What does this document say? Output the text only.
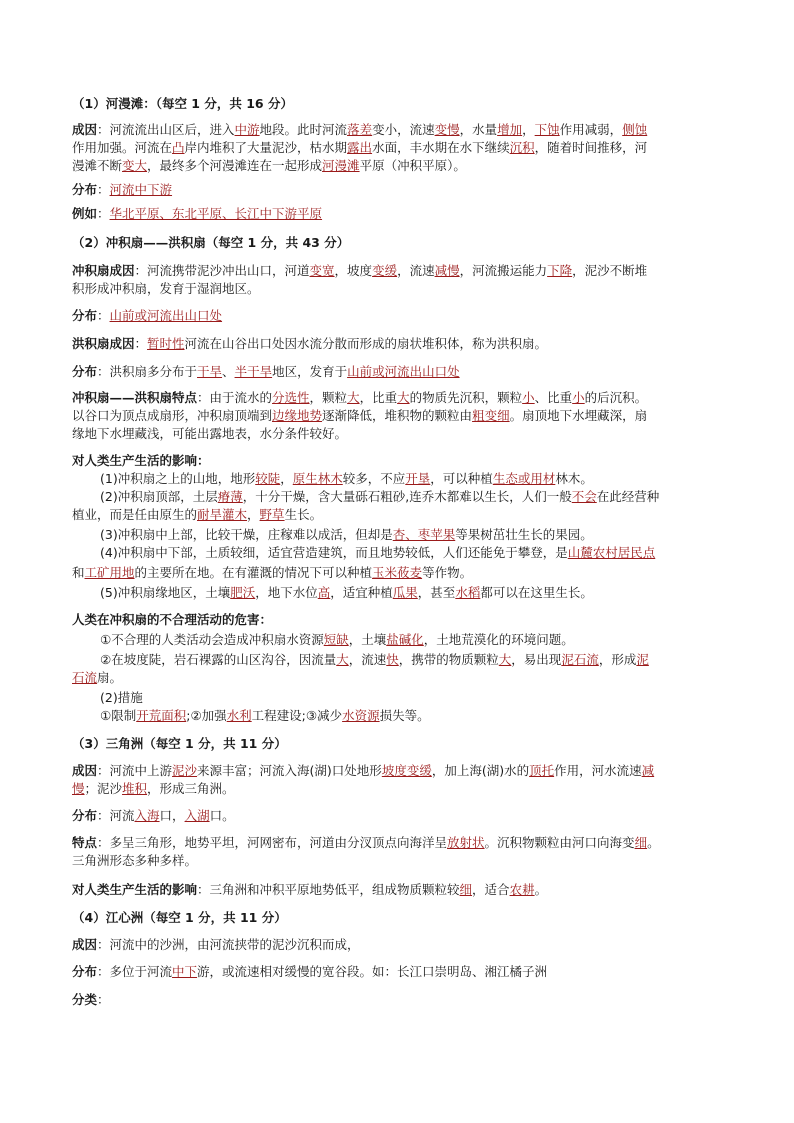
（1）河漫滩：（每空 1 分，共 16 分）
成因：河流流出山区后，进入中游地段。此时河流落差变小，流速变慢，水量增加，下蚀作用减弱，侧蚀
作用加强。河流在凸岸内堆积了大量泥沙，枯水期露出水面，丰水期在水下继续沉积，随着时间推移，河
漫滩不断变大，最终多个河漫滩连在一起形成河漫滩平原（冲积平原）。
分布：河流中下游
例如：华北平原、东北平原、长江中下游平原
（2）冲积扇——洪积扇（每空 1 分，共 43 分）
冲积扇成因：河流携带泥沙冲出山口，河道变宽，坡度变缓，流速减慢，河流搬运能力下降，泥沙不断堆
积形成冲积扇，发育于湿润地区。
分布：山前或河流出山口处
洪积扇成因：暂时性河流在山谷出口处因水流分散而形成的扇状堆积体，称为洪积扇。
分布：洪积扇多分布于干旱、半干旱地区，发育于山前或河流出山口处
冲积扇——洪积扇特点：由于流水的分选性，颗粒大，比重大的物质先沉积，颗粒小、比重小的后沉积。
以谷口为顶点成扇形，冲积扇顶端到边缘地势逐渐降低，堆积物的颗粒由粗变细。扇顶地下水埋藏深，扇
缘地下水埋藏浅，可能出露地表，水分条件较好。
对人类生产生活的影响：
(1)冲积扇之上的山地，地形较陡，原生林木较多，不应开垦，可以种植生态或用材林木。
(2)冲积扇顶部，土层瘠薄，十分干燥，含大量砾石粗砂,连乔木都难以生长，人们一般不会在此经营种
植业，而是任由原生的耐旱灌木，野草生长。
(3)冲积扇中上部，比较干燥，庄稼难以成活，但却是杏、枣苹果等果树茁壮生长的果园。
(4)冲积扇中下部，土质较细，适宜营造建筑，而且地势较低，人们还能免于攀登，是山麓农村居民点
和工矿用地的主要所在地。在有灌溉的情况下可以种植玉米莜麦等作物。
(5)冲积扇缘地区，土壤肥沃，地下水位高，适宜种植瓜果，甚至水稻都可以在这里生长。
人类在冲积扇的不合理活动的危害：
①不合理的人类活动会造成冲积扇水资源短缺，土壤盐碱化，土地荒漠化的环境问题。
②在坡度陡，岩石裸露的山区沟谷，因流量大，流速快，携带的物质颗粒大，易出现泥石流，形成泥
石流扇。
(2)措施
①限制开荒面积;②加强水利工程建设;③减少水资源损失等。
（3）三角洲（每空 1 分，共 11 分）
成因：河流中上游泥沙来源丰富；河流入海(湖)口处地形坡度变缓，加上海(湖)水的顶托作用，河水流速减
慢；泥沙堆积，形成三角洲。
分布：河流入海口，入湖口。
特点：多呈三角形，地势平坦，河网密布，河道由分汊顶点向海洋呈放射状。沉积物颗粒由河口向海变细。
三角洲形态多种多样。
对人类生产生活的影响：三角洲和冲积平原地势低平，组成物质颗粒较细，适合农耕。
（4）江心洲（每空 1 分，共 11 分）
成因：河流中的沙洲，由河流挟带的泥沙沉积而成，
分布：多位于河流中下游，或流速相对缓慢的宽谷段。如：长江口崇明岛、湘江橘子洲
分类：
